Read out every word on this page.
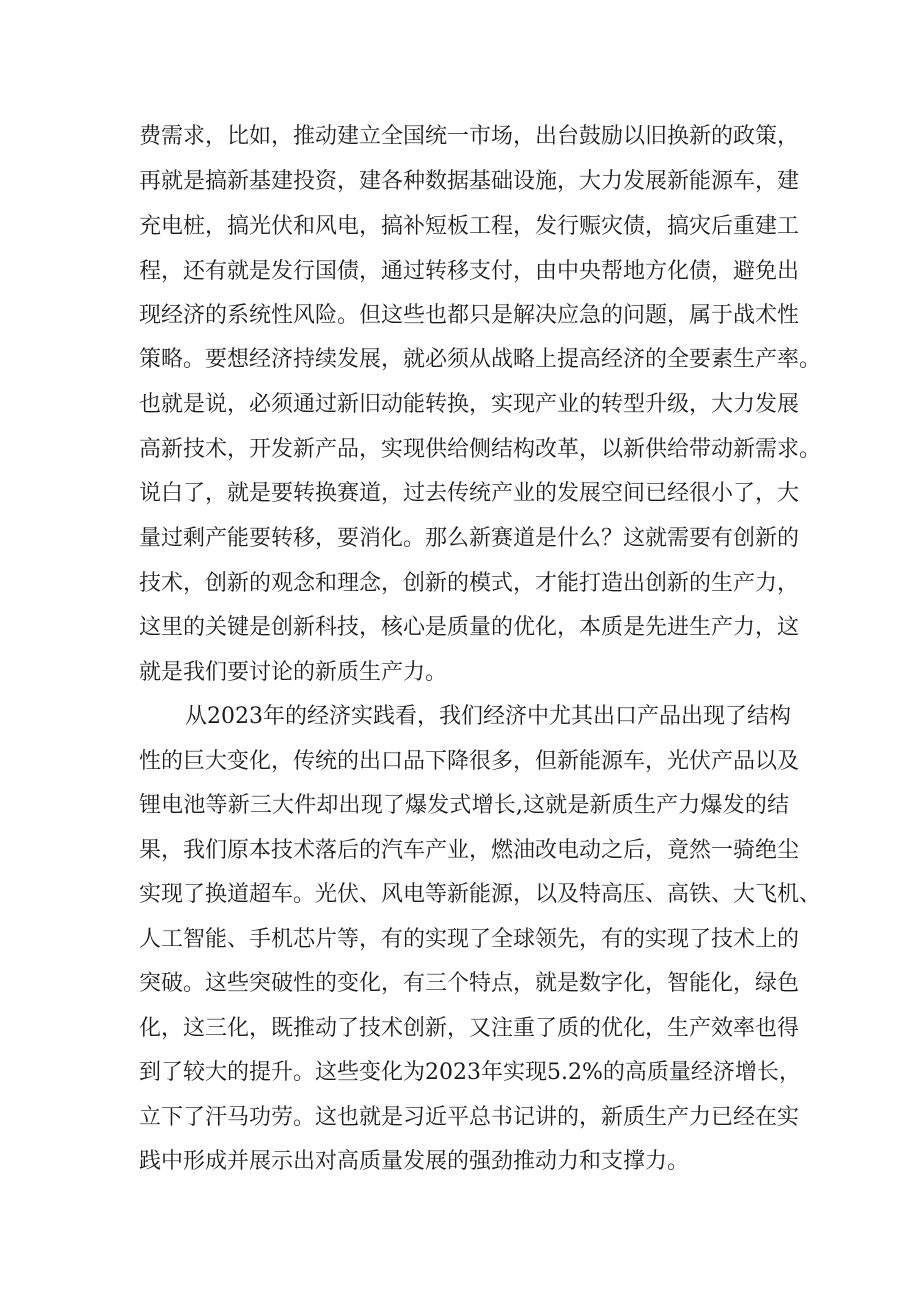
费需求，比如，推动建立全国统一市场，出台鼓励以旧换新的政策，
再就是搞新基建投资，建各种数据基础设施，大力发展新能源车，建
充电桩，搞光伏和风电，搞补短板工程，发行赈灾债，搞灾后重建工
程，还有就是发行国债，通过转移支付，由中央帮地方化债，避免出
现经济的系统性风险。但这些也都只是解决应急的问题，属于战术性
策略。要想经济持续发展，就必须从战略上提高经济的全要素生产率。
也就是说，必须通过新旧动能转换，实现产业的转型升级，大力发展
高新技术，开发新产品，实现供给侧结构改革，以新供给带动新需求。
说白了，就是要转换赛道，过去传统产业的发展空间已经很小了，大
量过剩产能要转移，要消化。那么新赛道是什么？这就需要有创新的
技术，创新的观念和理念，创新的模式，才能打造出创新的生产力，
这里的关键是创新科技，核心是质量的优化，本质是先进生产力，这
就是我们要讨论的新质生产力。
从2023年的经济实践看，我们经济中尤其出口产品出现了结构
性的巨大变化，传统的出口品下降很多，但新能源车，光伏产品以及
锂电池等新三大件却出现了爆发式增长,这就是新质生产力爆发的结
果，我们原本技术落后的汽车产业，燃油改电动之后，竟然一骑绝尘
实现了换道超车。光伏、风电等新能源，以及特高压、高铁、大飞机、
人工智能、手机芯片等，有的实现了全球领先，有的实现了技术上的
突破。这些突破性的变化，有三个特点，就是数字化，智能化，绿色
化，这三化，既推动了技术创新，又注重了质的优化，生产效率也得
到了较大的提升。这些变化为2023年实现5.2%的高质量经济增长，
立下了汗马功劳。这也就是习近平总书记讲的，新质生产力已经在实
践中形成并展示出对高质量发展的强劲推动力和支撑力。
